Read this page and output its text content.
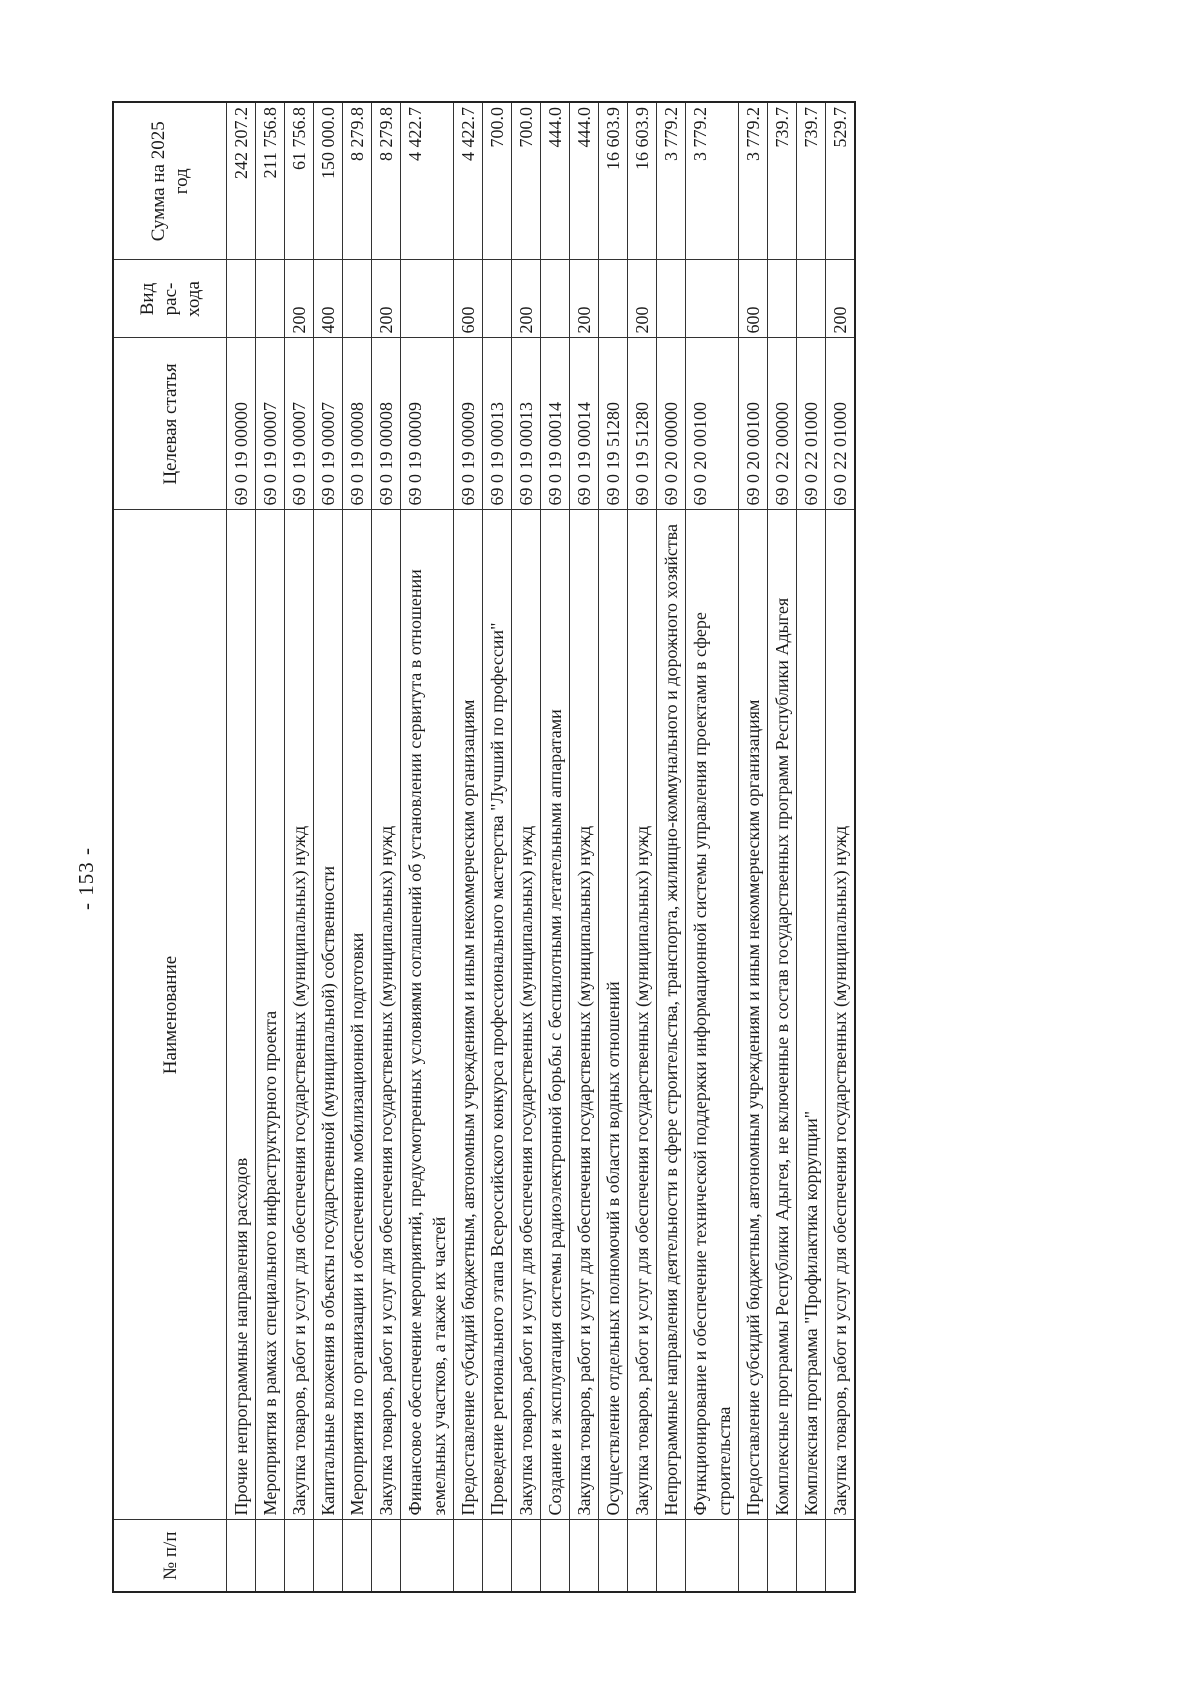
- 153 -
№ п/п	Наименование	Целевая статья	Вид рас- хода	Сумма на 2025 год
	Прочие непрограммные направления расходов	69 0 19 00000		242 207.2
	Мероприятия в рамках специального инфраструктурного проекта	69 0 19 00007		211 756.8
	Закупка товаров, работ и услуг для обеспечения государственных (муниципальных) нужд	69 0 19 00007	200	61 756.8
	Капитальные вложения в объекты государственной (муниципальной) собственности	69 0 19 00007	400	150 000.0
	Мероприятия по организации и обеспечению мобилизационной подготовки	69 0 19 00008		8 279.8
	Закупка товаров, работ и услуг для обеспечения государственных (муниципальных) нужд	69 0 19 00008	200	8 279.8
	Финансовое обеспечение мероприятий, предусмотренных условиями соглашений об установлении сервитута в отношении земельных участков, а также их частей	69 0 19 00009		4 422.7
	Предоставление субсидий бюджетным, автономным учреждениям и иным некоммерческим организациям	69 0 19 00009	600	4 422.7
	Проведение регионального этапа Всероссийского конкурса профессионального мастерства "Лучший по профессии"	69 0 19 00013		700.0
	Закупка товаров, работ и услуг для обеспечения государственных (муниципальных) нужд	69 0 19 00013	200	700.0
	Создание и эксплуатация системы радиоэлектронной борьбы с беспилотными летательными аппаратами	69 0 19 00014		444.0
	Закупка товаров, работ и услуг для обеспечения государственных (муниципальных) нужд	69 0 19 00014	200	444.0
	Осуществление отдельных полномочий в области водных отношений	69 0 19 51280		16 603.9
	Закупка товаров, работ и услуг для обеспечения государственных (муниципальных) нужд	69 0 19 51280	200	16 603.9
	Непрограммные направления деятельности в сфере строительства, транспорта, жилищно-коммунального и дорожного хозяйства	69 0 20 00000		3 779.2
	Функционирование и обеспечение технической поддержки информационной системы управления проектами в сфере строительства	69 0 20 00100		3 779.2
	Предоставление субсидий бюджетным, автономным учреждениям и иным некоммерческим организациям	69 0 20 00100	600	3 779.2
	Комплексные программы Республики Адыгея, не включенные в состав государственных программ Республики Адыгея	69 0 22 00000		739.7
	Комплексная программа "Профилактика коррупции"	69 0 22 01000		739.7
	Закупка товаров, работ и услуг для обеспечения государственных (муниципальных) нужд	69 0 22 01000	200	529.7
